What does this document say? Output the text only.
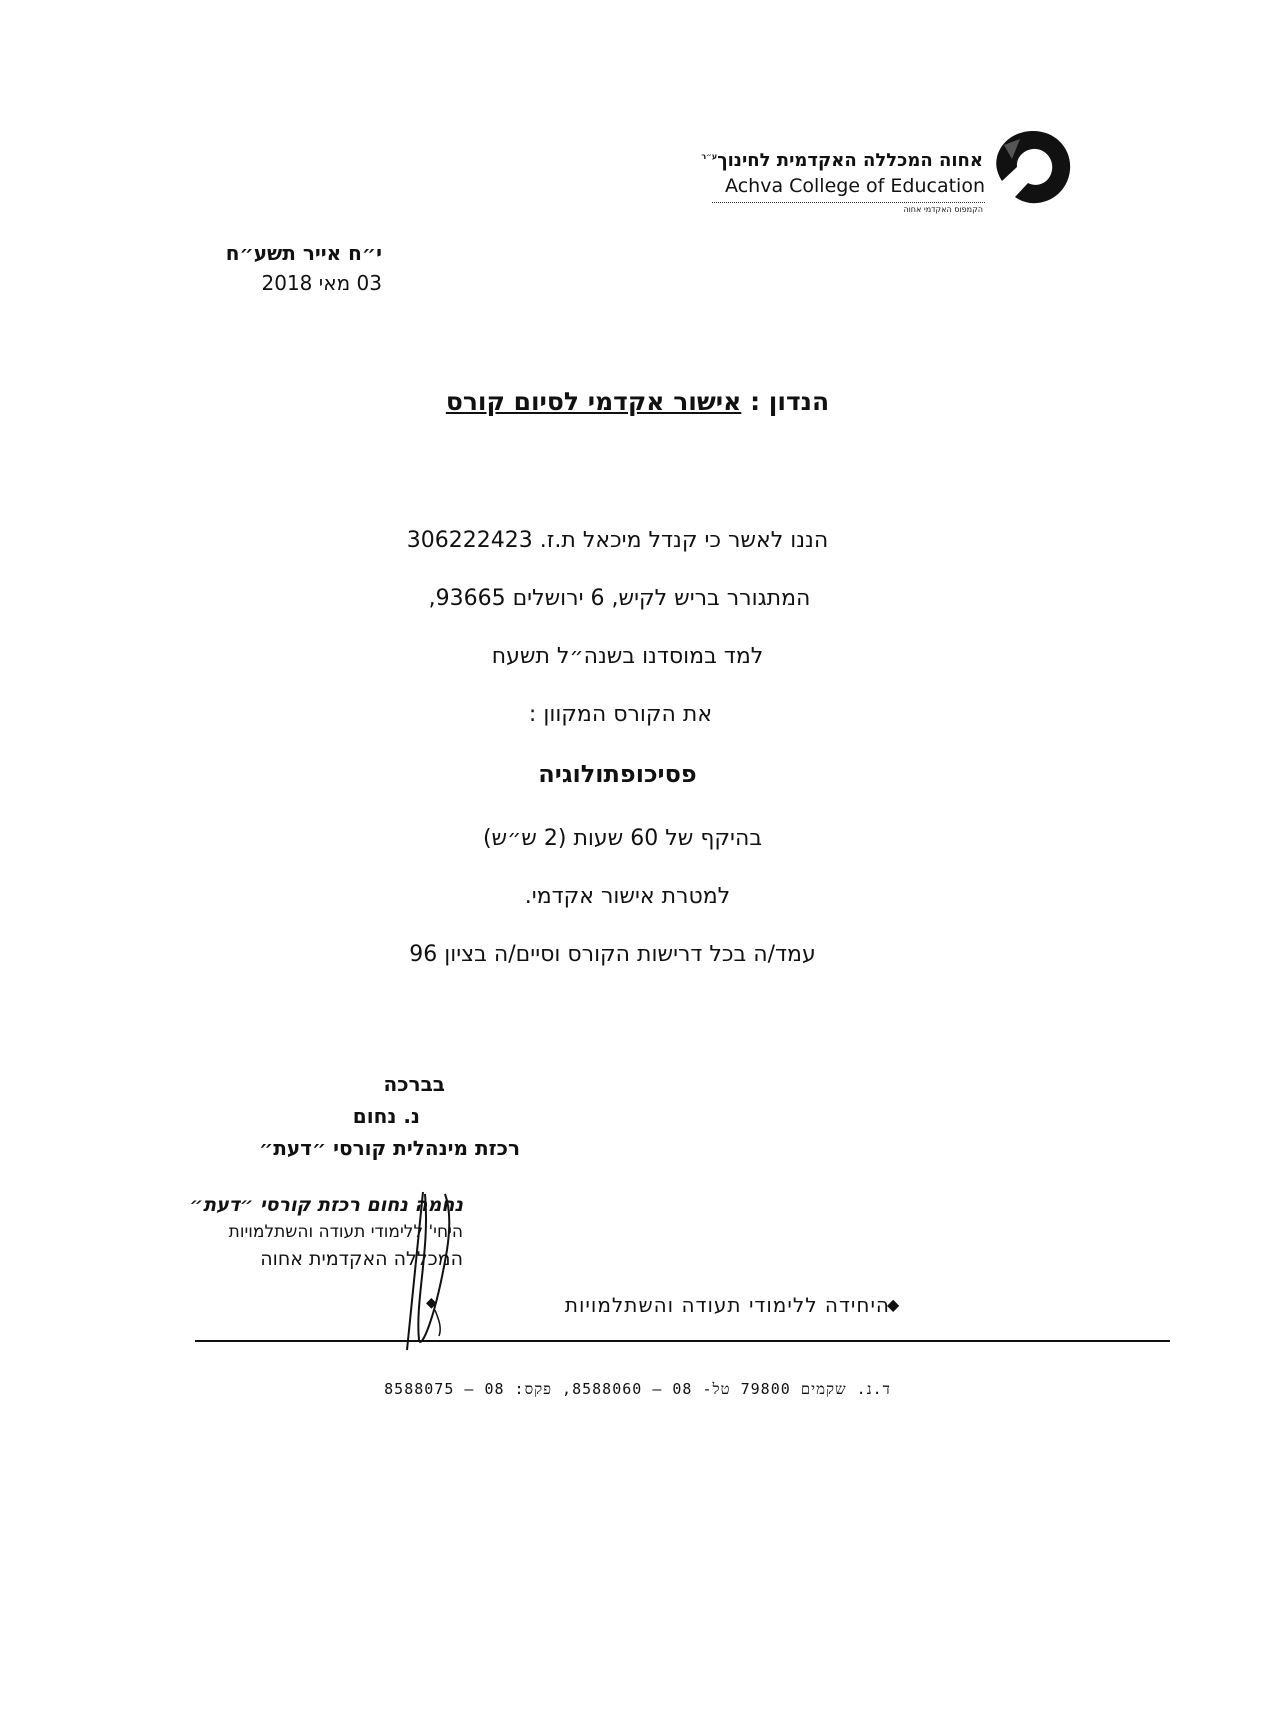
אחוה המכללה האקדמית לחינוך$^{ע״ר}$
Achva College of Education
הקמפוס האקדמי אחוה
י״ח אייר תשע״ח
03 מאי 2018
הנדון : אישור אקדמי לסיום קורס
הננו לאשר כי קנדל מיכאל ת.ז. 306222423
המתגורר בריש לקיש, 6 ירושלים 93665,
למד במוסדנו בשנה״ל תשעח
את הקורס המקוון :
פסיכופתולוגיה
בהיקף של 60 שעות (2 ש״ש)
למטרת אישור אקדמי.
עמד/ה בכל דרישות הקורס וסיים/ה בציון 96
בברכה
נ. נחום
רכזת מינהלית קורסי ״דעת״
נחמה נחום רכזת קורסי ״דעת״
היחי' ללימודי תעודה והשתלמויות
המכללה האקדמית אחוה
◆	היחידה ללימודי תעודה והשתלמויות
◆
ד.נ. שקמים 79800 טל- 08 – 8588060, פקס: 08 – 8588075
